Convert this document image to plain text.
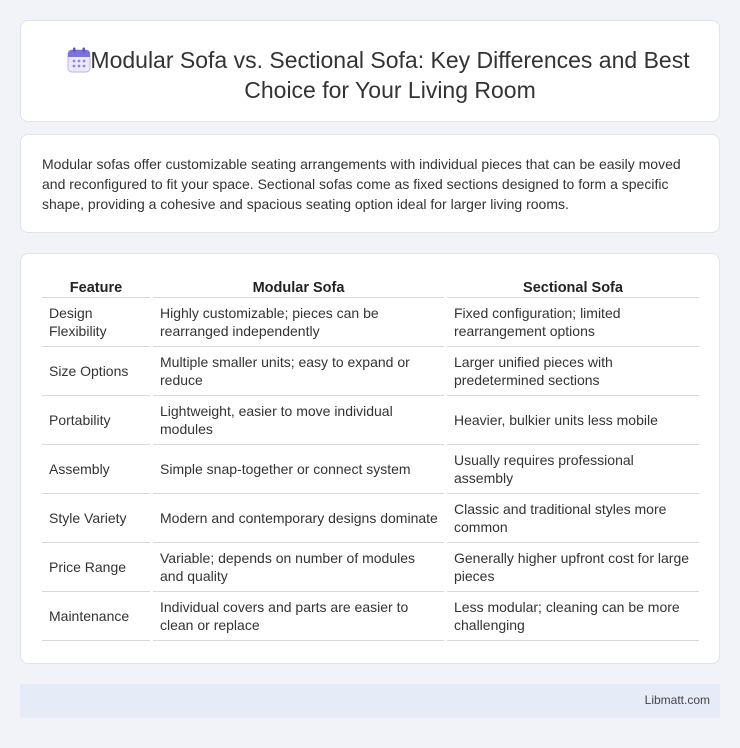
Modular Sofa vs. Sectional Sofa: Key Differences and Best Choice for Your Living Room

Modular sofas offer customizable seating arrangements with individual pieces that can be easily moved and reconfigured to fit your space. Sectional sofas come as fixed sections designed to form a specific shape, providing a cohesive and spacious seating option ideal for larger living rooms.

Feature		Modular Sofa		Sectional Sofa
Design Flexibility		Highly customizable; pieces can be rearranged independently		Fixed configuration; limited rearrangement options
Size Options		Multiple smaller units; easy to expand or reduce		Larger unified pieces with predetermined sections
Portability		Lightweight, easier to move individual modules		Heavier, bulkier units less mobile
Assembly		Simple snap-together or connect system		Usually requires professional assembly
Style Variety		Modern and contemporary designs dominate		Classic and traditional styles more common
Price Range		Variable; depends on number of modules and quality		Generally higher upfront cost for large pieces
Maintenance		Individual covers and parts are easier to clean or replace		Less modular; cleaning can be more challenging
Libmatt.com
